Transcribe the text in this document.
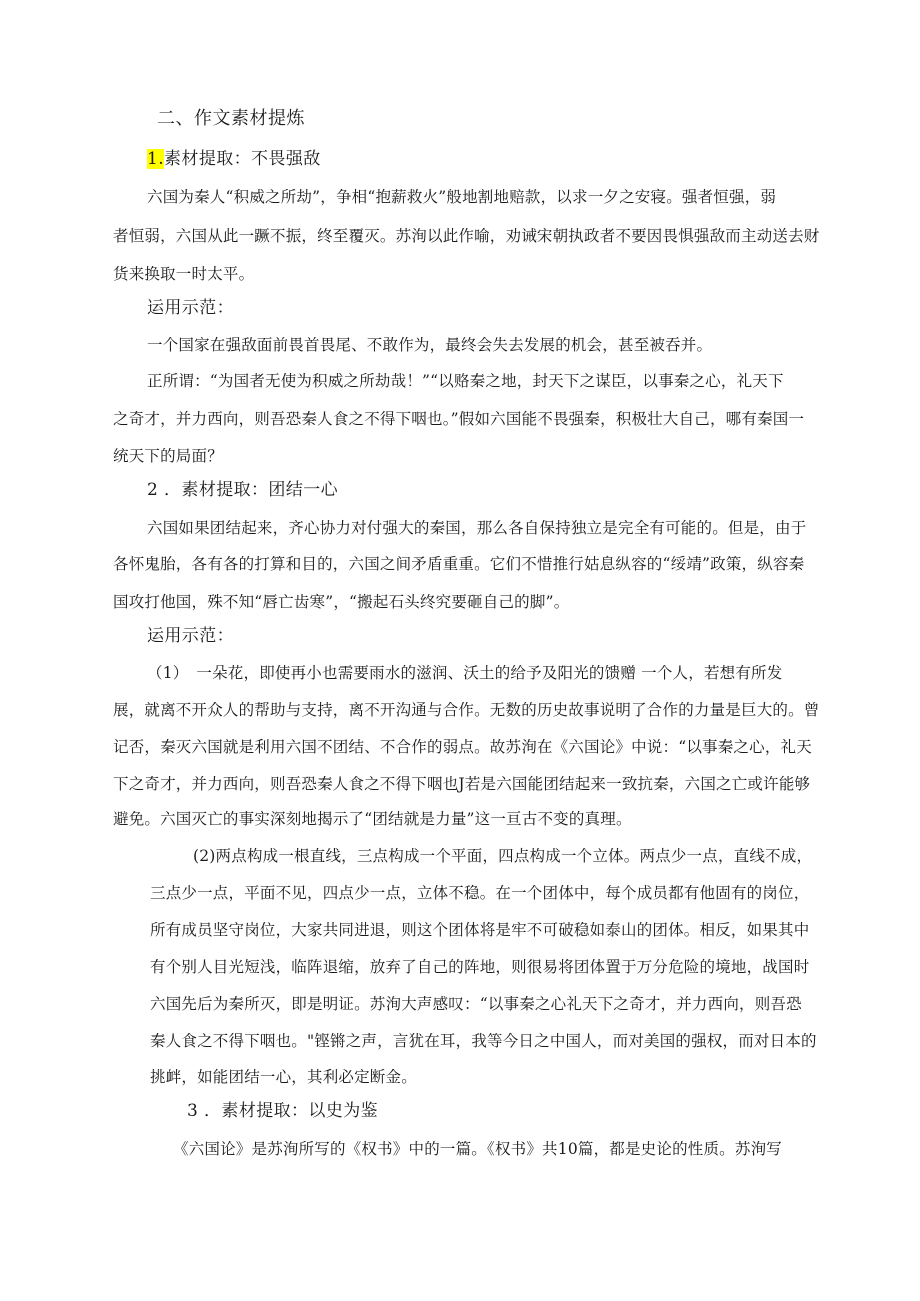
二、作文素材提炼
1.素材提取：不畏强敌
六国为秦人“积威之所劫”，争相“抱薪救火”般地割地赔款，以求一夕之安寝。强者恒强，弱
者恒弱，六国从此一蹶不振，终至覆灭。苏洵以此作喻，劝诫宋朝执政者不要因畏惧强敌而主动送去财
货来换取一时太平。
运用示范：
一个国家在强敌面前畏首畏尾、不敢作为，最终会失去发展的机会，甚至被吞并。
正所谓：“为国者无使为积威之所劫哉！”“以赂秦之地，封天下之谋臣，以事秦之心，礼天下
之奇才，并力西向，则吾恐秦人食之不得下咽也。”假如六国能不畏强秦，积极壮大自己，哪有秦国一
统天下的局面？
2 ．素材提取：团结一心
六国如果团结起来，齐心协力对付强大的秦国，那么各自保持独立是完全有可能的。但是，由于
各怀鬼胎，各有各的打算和目的，六国之间矛盾重重。它们不惜推行姑息纵容的“绥靖”政策，纵容秦
国攻打他国，殊不知“唇亡齿寒”，“搬起石头终究要砸自己的脚”。
运用示范：
（1）　一朵花，即使再小也需要雨水的滋润、沃土的给予及阳光的馈赠 一个人，若想有所发
展，就离不开众人的帮助与支持，离不开沟通与合作。无数的历史故事说明了合作的力量是巨大的。曾
记否，秦灭六国就是利用六国不团结、不合作的弱点。故苏洵在《六国论》中说：“以事秦之心，礼天
下之奇才，并力西向，则吾恐秦人食之不得下咽也J若是六国能团结起来一致抗秦，六国之亡或许能够
避免。六国灭亡的事实深刻地揭示了“团结就是力量”这一亘古不变的真理。
(2)两点构成一根直线，三点构成一个平面，四点构成一个立体。两点少一点，直线不成，
三点少一点，平面不见，四点少一点，立体不稳。在一个团体中，每个成员都有他固有的岗位，
所有成员坚守岗位，大家共同进退，则这个团体将是牢不可破稳如泰山的团体。相反，如果其中
有个别人目光短浅，临阵退缩，放弃了自己的阵地，则很易将团体置于万分危险的境地，战国时
六国先后为秦所灭，即是明证。苏洵大声感叹：“以事秦之心礼天下之奇才，并力西向，则吾恐
秦人食之不得下咽也。"铿锵之声，言犹在耳，我等今日之中国人，而对美国的强权，而对日本的
挑衅，如能团结一心，其利必定断金。
3 ．素材提取：以史为鉴
《六国论》是苏洵所写的《权书》中的一篇。《权书》共10篇，都是史论的性质。苏洵写
